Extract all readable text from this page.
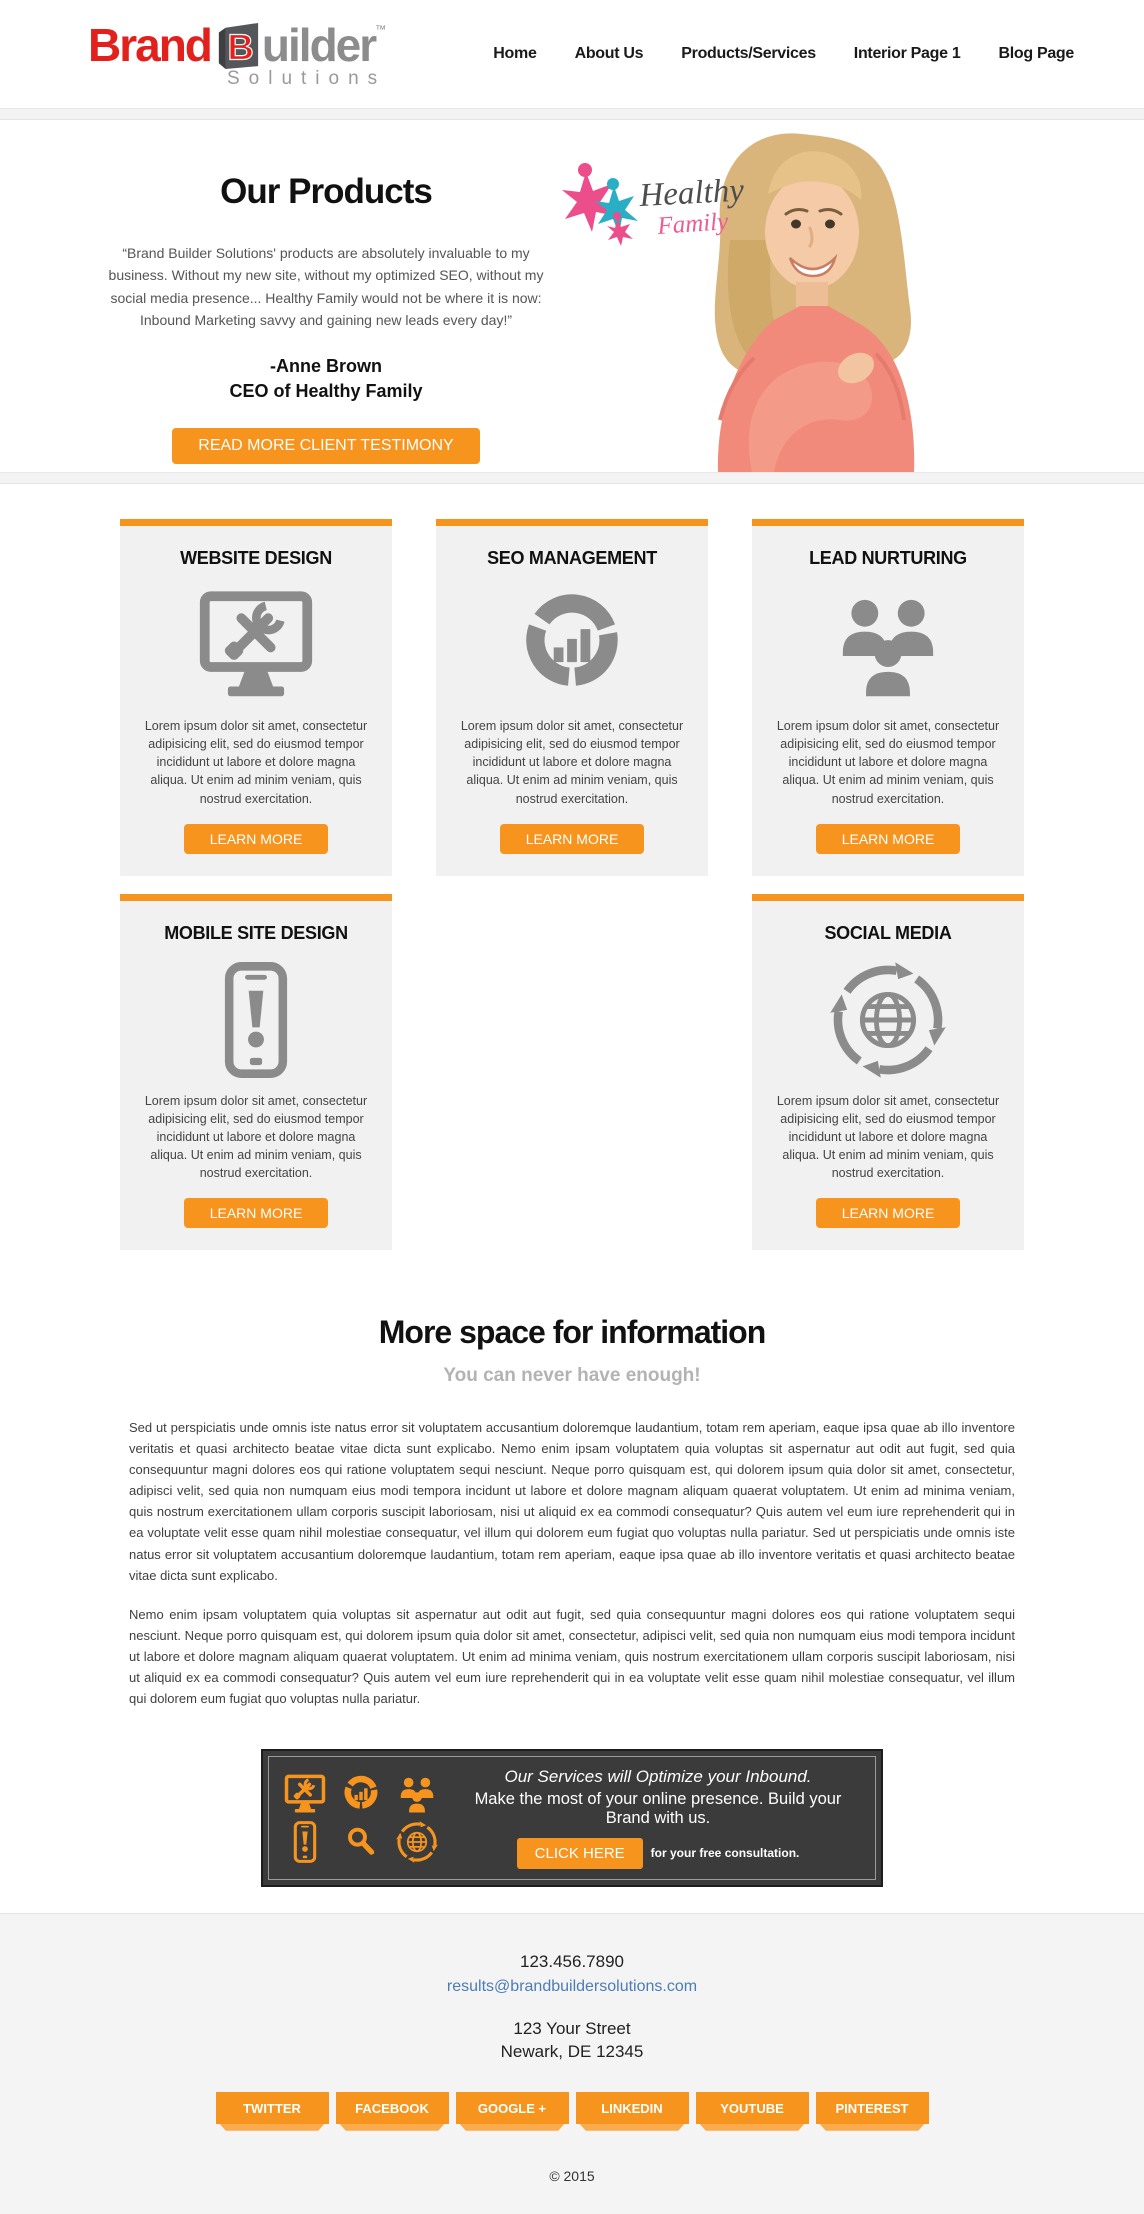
Brand B uilder ™
Solutions
Home About Us Products/Services Interior Page 1 Blog Page
Our Products

“Brand Builder Solutions' products are absolutely invaluable to my business. Without my new site, without my optimized SEO, without my social media presence... Healthy Family would not be where it is now: Inbound Marketing savvy and gaining new leads every day!”

-Anne Brown

CEO of Healthy Family

READ MORE CLIENT TESTIMONY
Healthy
Family
WEBSITE DESIGN

Lorem ipsum dolor sit amet, consectetur adipisicing elit, sed do eiusmod tempor incididunt ut labore et dolore magna aliqua. Ut enim ad minim veniam, quis nostrud exercitation.

LEARN MORE
SEO MANAGEMENT

Lorem ipsum dolor sit amet, consectetur adipisicing elit, sed do eiusmod tempor incididunt ut labore et dolore magna aliqua. Ut enim ad minim veniam, quis nostrud exercitation.

LEARN MORE
LEAD NURTURING

Lorem ipsum dolor sit amet, consectetur adipisicing elit, sed do eiusmod tempor incididunt ut labore et dolore magna aliqua. Ut enim ad minim veniam, quis nostrud exercitation.

LEARN MORE
MOBILE SITE DESIGN

Lorem ipsum dolor sit amet, consectetur adipisicing elit, sed do eiusmod tempor incididunt ut labore et dolore magna aliqua. Ut enim ad minim veniam, quis nostrud exercitation.

LEARN MORE
SOCIAL MEDIA

Lorem ipsum dolor sit amet, consectetur adipisicing elit, sed do eiusmod tempor incididunt ut labore et dolore magna aliqua. Ut enim ad minim veniam, quis nostrud exercitation.

LEARN MORE
More space for information
You can never have enough!

Sed ut perspiciatis unde omnis iste natus error sit voluptatem accusantium doloremque laudantium, totam rem aperiam, eaque ipsa quae ab illo inventore veritatis et quasi architecto beatae vitae dicta sunt explicabo. Nemo enim ipsam voluptatem quia voluptas sit aspernatur aut odit aut fugit, sed quia consequuntur magni dolores eos qui ratione voluptatem sequi nesciunt. Neque porro quisquam est, qui dolorem ipsum quia dolor sit amet, consectetur, adipisci velit, sed quia non numquam eius modi tempora incidunt ut labore et dolore magnam aliquam quaerat voluptatem. Ut enim ad minima veniam, quis nostrum exercitationem ullam corporis suscipit laboriosam, nisi ut aliquid ex ea commodi consequatur? Quis autem vel eum iure reprehenderit qui in ea voluptate velit esse quam nihil molestiae consequatur, vel illum qui dolorem eum fugiat quo voluptas nulla pariatur. Sed ut perspiciatis unde omnis iste natus error sit voluptatem accusantium doloremque laudantium, totam rem aperiam, eaque ipsa quae ab illo inventore veritatis et quasi architecto beatae vitae dicta sunt explicabo.

Nemo enim ipsam voluptatem quia voluptas sit aspernatur aut odit aut fugit, sed quia consequuntur magni dolores eos qui ratione voluptatem sequi nesciunt. Neque porro quisquam est, qui dolorem ipsum quia dolor sit amet, consectetur, adipisci velit, sed quia non numquam eius modi tempora incidunt ut labore et dolore magnam aliquam quaerat voluptatem. Ut enim ad minima veniam, quis nostrum exercitationem ullam corporis suscipit laboriosam, nisi ut aliquid ex ea commodi consequatur? Quis autem vel eum iure reprehenderit qui in ea voluptate velit esse quam nihil molestiae consequatur, vel illum qui dolorem eum fugiat quo voluptas nulla pariatur.

Our Services will Optimize your Inbound.

Make the most of your online presence. Build your Brand with us.

CLICK HERE	for your free consultation.

123.456.7890

results@brandbuildersolutions.com

123 Your Street

Newark, DE 12345

TWITTER	FACEBOOK	GOOGLE +	LINKEDIN	YOUTUBE	PINTEREST
© 2015
